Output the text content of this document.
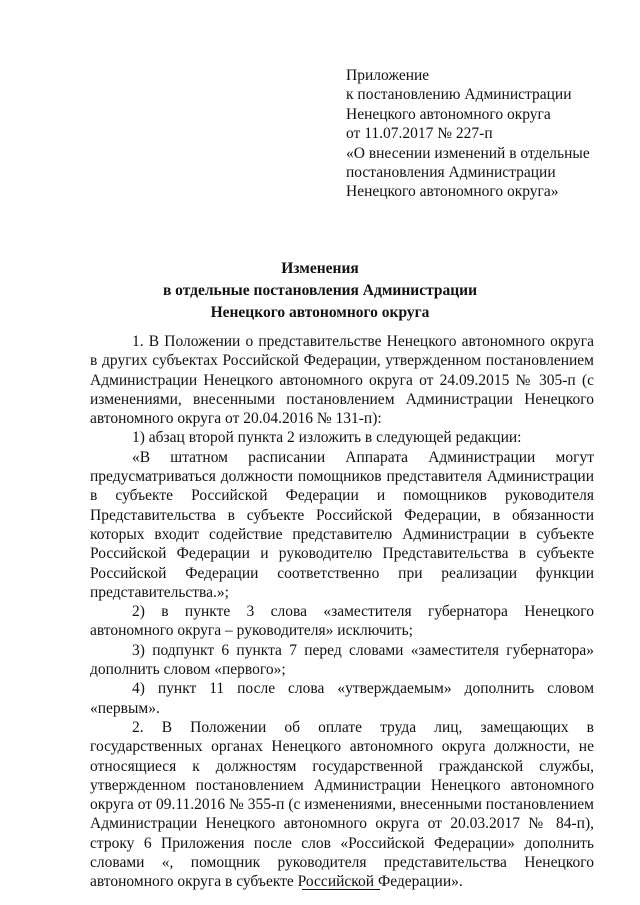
Приложение
к постановлению Администрации
Ненецкого автономного округа
от 11.07.2017 № 227-п
«О внесении изменений в отдельные
постановления Администрации
Ненецкого автономного округа»
Изменения
в отдельные постановления Администрации
Ненецкого автономного округа

1. В Положении о представительстве Ненецкого автономного округа в других субъектах Российской Федерации, утвержденном постановлением Администрации Ненецкого автономного округа от 24.09.2015 № 305-п (с изменениями, внесенными постановлением Администрации Ненецкого автономного округа от 20.04.2016 № 131-п):

1) абзац второй пункта 2 изложить в следующей редакции:

«В штатном расписании Аппарата Администрации могут предусматриваться должности помощников представителя Администрации в субъекте Российской Федерации и помощников руководителя Представительства в субъекте Российской Федерации, в обязанности которых входит содействие представителю Администрации в субъекте Российской Федерации и руководителю Представительства в субъекте Российской Федерации соответственно при реализации функции представительства.»;

2) в пункте 3 слова «заместителя губернатора Ненецкого автономного округа – руководителя» исключить;

3) подпункт 6 пункта 7 перед словами «заместителя губернатора» дополнить словом «первого»;

4) пункт 11 после слова «утверждаемым» дополнить словом «первым».

2. В Положении об оплате труда лиц, замещающих в государственных органах Ненецкого автономного округа должности, не относящиеся к должностям государственной гражданской службы, утвержденном постановлением Администрации Ненецкого автономного округа от 09.11.2016 № 355-п (с изменениями, внесенными постановлением Администрации Ненецкого автономного округа от 20.03.2017 № 84-п), строку 6 Приложения после слов «Российской Федерации» дополнить словами «, помощник руководителя представительства Ненецкого автономного округа в субъекте Российской Федерации».
